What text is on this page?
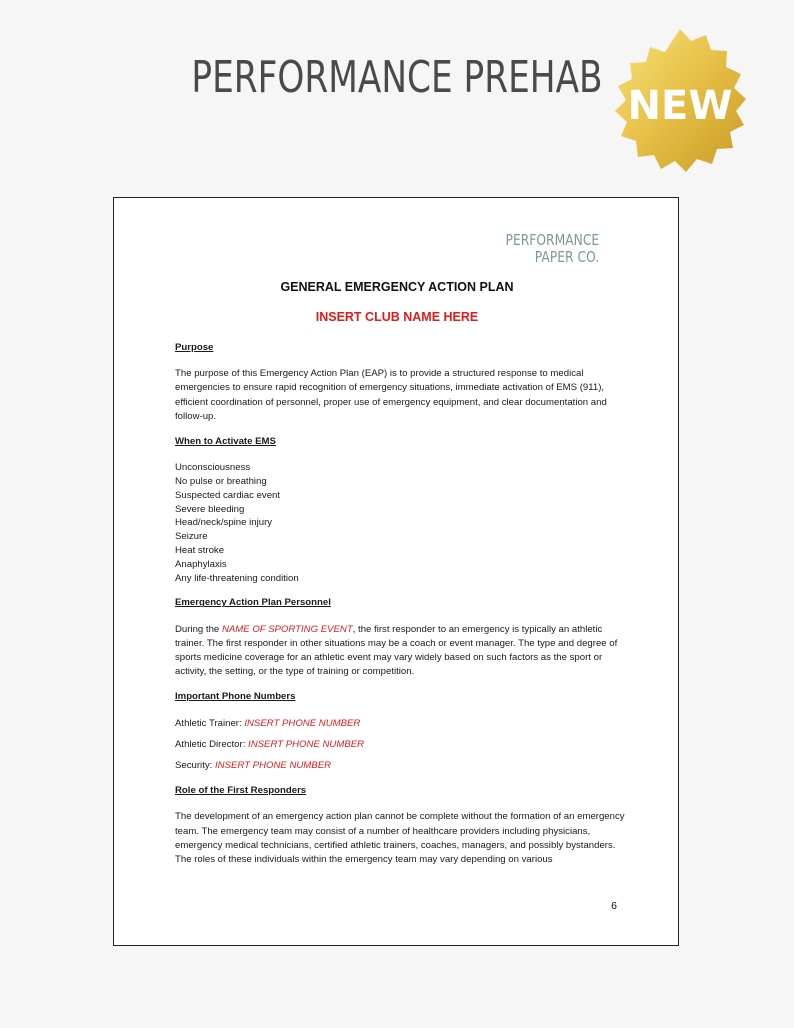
PERFORMANCE PREHAB
NEW
PERFORMANCE
PAPER CO.
GENERAL EMERGENCY ACTION PLAN
INSERT CLUB NAME HERE
Purpose

The purpose of this Emergency Action Plan (EAP) is to provide a structured response to medical emergencies to ensure rapid recognition of emergency situations, immediate activation of EMS (911), efficient coordination of personnel, proper use of emergency equipment, and clear documentation and follow-up.

When to Activate EMS
Unconsciousness
No pulse or breathing
Suspected cardiac event
Severe bleeding
Head/neck/spine injury
Seizure
Heat stroke
Anaphylaxis
Any life-threatening condition
Emergency Action Plan Personnel

During the NAME OF SPORTING EVENT, the first responder to an emergency is typically an athletic trainer. The first responder in other situations may be a coach or event manager. The type and degree of sports medicine coverage for an athletic event may vary widely based on such factors as the sport or activity, the setting, or the type of training or competition.

Important Phone Numbers
Athletic Trainer: INSERT PHONE NUMBER
Athletic Director: INSERT PHONE NUMBER
Security: INSERT PHONE NUMBER
Role of the First Responders

The development of an emergency action plan cannot be complete without the formation of an emergency team. The emergency team may consist of a number of healthcare providers including physicians, emergency medical technicians, certified athletic trainers, coaches, managers, and possibly bystanders. The roles of these individuals within the emergency team may vary depending on various

6
